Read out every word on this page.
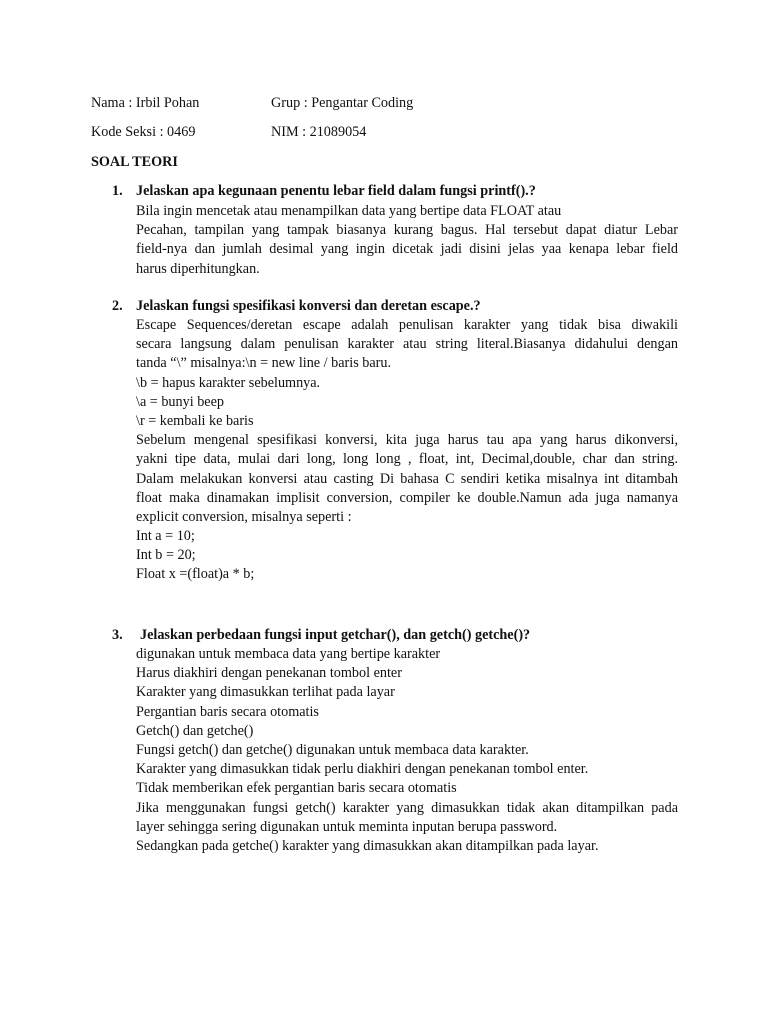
Nama : Irbil Pohan	Grup : Pengantar Coding
Kode Seksi : 0469	NIM : 21089054
SOAL TEORI
1. Jelaskan apa kegunaan penentu lebar field dalam fungsi printf().?
Bila ingin mencetak atau menampilkan data yang bertipe data FLOAT atau
Pecahan, tampilan yang tampak biasanya kurang bagus. Hal tersebut dapat diatur Lebar
field-nya dan jumlah desimal yang ingin dicetak jadi disini jelas yaa kenapa lebar field
harus diperhitungkan.
2. Jelaskan fungsi spesifikasi konversi dan deretan escape.?
Escape Sequences/deretan escape adalah penulisan karakter yang tidak bisa diwakili
secara langsung dalam penulisan karakter atau string literal.Biasanya didahului dengan
tanda “\” misalnya:\n = new line / baris baru.
\b = hapus karakter sebelumnya.
\a = bunyi beep
\r = kembali ke baris
Sebelum mengenal spesifikasi konversi, kita juga harus tau apa yang harus dikonversi,
yakni tipe data, mulai dari long, long long , float, int, Decimal,double, char dan string.
Dalam melakukan konversi atau casting Di bahasa C sendiri ketika misalnya int ditambah
float maka dinamakan implisit conversion, compiler ke double.Namun ada juga namanya
explicit conversion, misalnya seperti :
Int a = 10;
Int b = 20;
Float x =(float)a * b;
3. Jelaskan perbedaan fungsi input getchar(), dan getch() getche()?
digunakan untuk membaca data yang bertipe karakter
Harus diakhiri dengan penekanan tombol enter
Karakter yang dimasukkan terlihat pada layar
Pergantian baris secara otomatis
Getch() dan getche()
Fungsi getch() dan getche() digunakan untuk membaca data karakter.
Karakter yang dimasukkan tidak perlu diakhiri dengan penekanan tombol enter.
Tidak memberikan efek pergantian baris secara otomatis
Jika menggunakan fungsi getch() karakter yang dimasukkan tidak akan ditampilkan pada
layer sehingga sering digunakan untuk meminta inputan berupa password.
Sedangkan pada getche() karakter yang dimasukkan akan ditampilkan pada layar.
